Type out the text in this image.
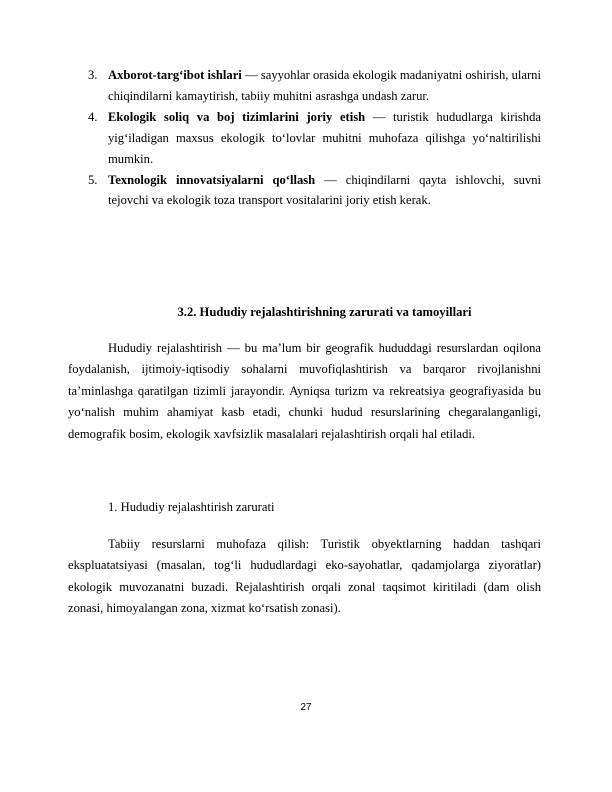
3. Axborot-targ‘ibot ishlari — sayyohlar orasida ekologik madaniyatni oshirish, ularni chiqindilarni kamaytirish, tabiiy muhitni asrashga undash zarur.
4. Ekologik soliq va boj tizimlarini joriy etish — turistik hududlarga kirishda yig‘iladigan maxsus ekologik to‘lovlar muhitni muhofaza qilishga yo‘naltirilishi mumkin.
5. Texnologik innovatsiyalarni qo‘llash — chiqindilarni qayta ishlovchi, suvni tejovchi va ekologik toza transport vositalarini joriy etish kerak.
3.2. Hududiy rejalashtirishning zarurati va tamoyillari

Hududiy rejalashtirish — bu ma’lum bir geografik hududdagi resurslardan oqilona foydalanish, ijtimoiy-iqtisodiy sohalarni muvofiqlashtirish va barqaror rivojlanishni ta’minlashga qaratilgan tizimli jarayondir. Ayniqsa turizm va rekreatsiya geografiyasida bu yo‘nalish muhim ahamiyat kasb etadi, chunki hudud resurslarining chegaralanganligi, demografik bosim, ekologik xavfsizlik masalalari rejalashtirish orqali hal etiladi.

1. Hududiy rejalashtirish zarurati

Tabiiy resurslarni muhofaza qilish: Turistik obyektlarning haddan tashqari ekspluatatsiyasi (masalan, tog‘li hududlardagi eko-sayohatlar, qadamjolarga ziyoratlar) ekologik muvozanatni buzadi. Rejalashtirish orqali zonal taqsimot kiritiladi (dam olish zonasi, himoyalangan zona, xizmat ko‘rsatish zonasi).

27
